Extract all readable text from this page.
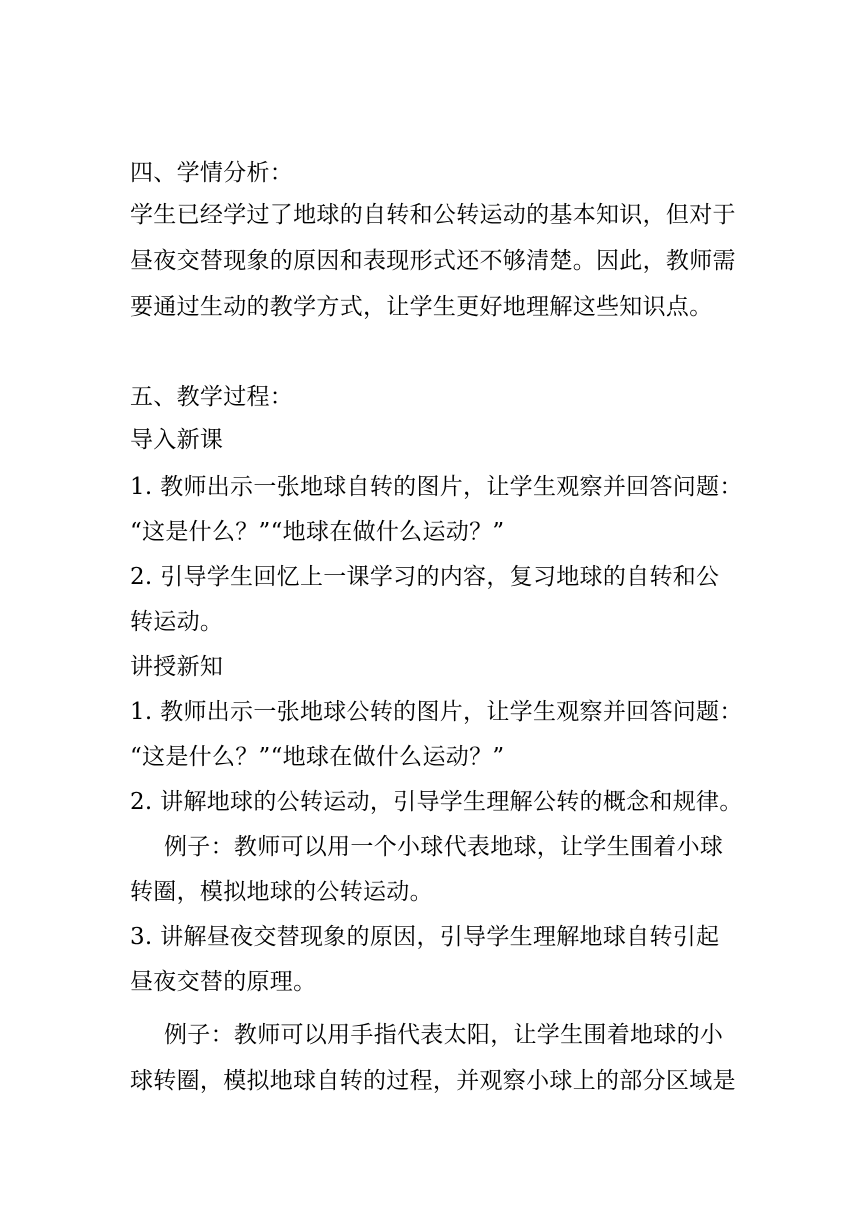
四、学情分析：
学生已经学过了地球的自转和公转运动的基本知识，但对于
昼夜交替现象的原因和表现形式还不够清楚。因此，教师需
要通过生动的教学方式，让学生更好地理解这些知识点。
五、教学过程：
导入新课
1. 教师出示一张地球自转的图片，让学生观察并回答问题：
“这是什么？”“地球在做什么运动？”
2. 引导学生回忆上一课学习的内容，复习地球的自转和公
转运动。
讲授新知
1. 教师出示一张地球公转的图片，让学生观察并回答问题：
“这是什么？”“地球在做什么运动？”
2. 讲解地球的公转运动，引导学生理解公转的概念和规律。
例子：教师可以用一个小球代表地球，让学生围着小球
转圈，模拟地球的公转运动。
3. 讲解昼夜交替现象的原因，引导学生理解地球自转引起
昼夜交替的原理。
例子：教师可以用手指代表太阳，让学生围着地球的小
球转圈，模拟地球自转的过程，并观察小球上的部分区域是
